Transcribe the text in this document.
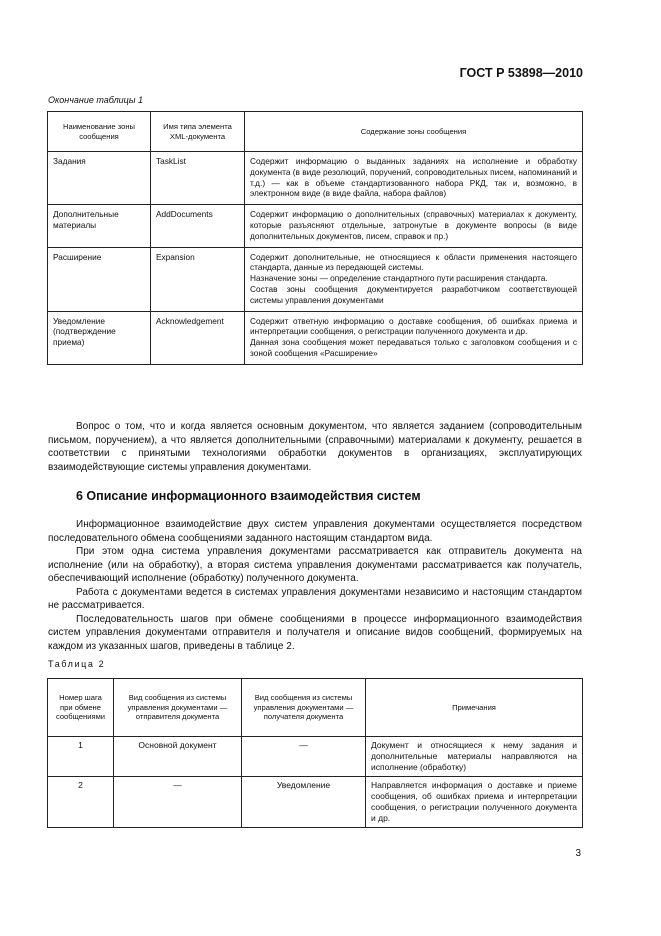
ГОСТ Р 53898—2010
Окончание таблицы 1
Наименование зоны сообщения	Имя типа элемента XML-документа	Содержание зоны сообщения
Задания	TaskList	Содержит информацию о выданных заданиях на исполнение и обработку документа (в виде резолюций, поручений, сопроводительных писем, напоминаний и т.д.) — как в объеме стандартизованного набора РКД, так и, возможно, в электронном виде (в виде файла, набора файлов)

Дополнительные материалы	AddDocuments	Содержит информацию о дополнительных (справочных) материалах к документу, которые разъясняют отдельные, затронутые в документе вопросы (в виде дополнительных документов, писем, справок и пр.)

Расширение	Expansion	Содержит дополнительные, не относящиеся к области применения настоящего стандарта, данные из передающей системы.
Назначение зоны — определение стандартного пути расширения стандарта.
Состав зоны сообщения документируется разработчиком соответствующей системы управления документами

Уведомление (подтверждение приема)	Acknowledgement	Содержит ответную информацию о доставке сообщения, об ошибках приема и интерпретации сообщения, о регистрации полученного документа и др.
Данная зона сообщения может передаваться только с заголовком сообщения и с зоной сообщения «Расширение»

Вопрос о том, что и когда является основным документом, что является заданием (сопроводительным письмом, поручением), а что является дополнительными (справочными) материалами к документу, решается в соответствии с принятыми технологиями обработки документов в организациях, эксплуатирующих взаимодействующие системы управления документами.

6 Описание информационного взаимодействия систем

Информационное взаимодействие двух систем управления документами осуществляется посредством последовательного обмена сообщениями заданного настоящим стандартом вида.

При этом одна система управления документами рассматривается как отправитель документа на исполнение (или на обработку), а вторая система управления документами рассматривается как получатель, обеспечивающий исполнение (обработку) полученного документа.

Работа с документами ведется в системах управления документами независимо и настоящим стандартом не рассматривается.

Последовательность шагов при обмене сообщениями в процессе информационного взаимодействия систем управления документами отправителя и получателя и описание видов сообщений, формируемых на каждом из указанных шагов, приведены в таблице 2.

Таблица 2
Номер шага при обмене сообщениями	Вид сообщения из системы управления документами — отправителя документа	Вид сообщения из системы управления документами — получателя документа	Примечания
1	Основной документ	—	Документ и относящиеся к нему задания и дополнительные материалы направляются на исполнение (обработку)
2	—	Уведомление	Направляется информация о доставке и приеме сообщения, об ошибках приема и интерпретации сообщения, о регистрации полученного документа и др.
3
